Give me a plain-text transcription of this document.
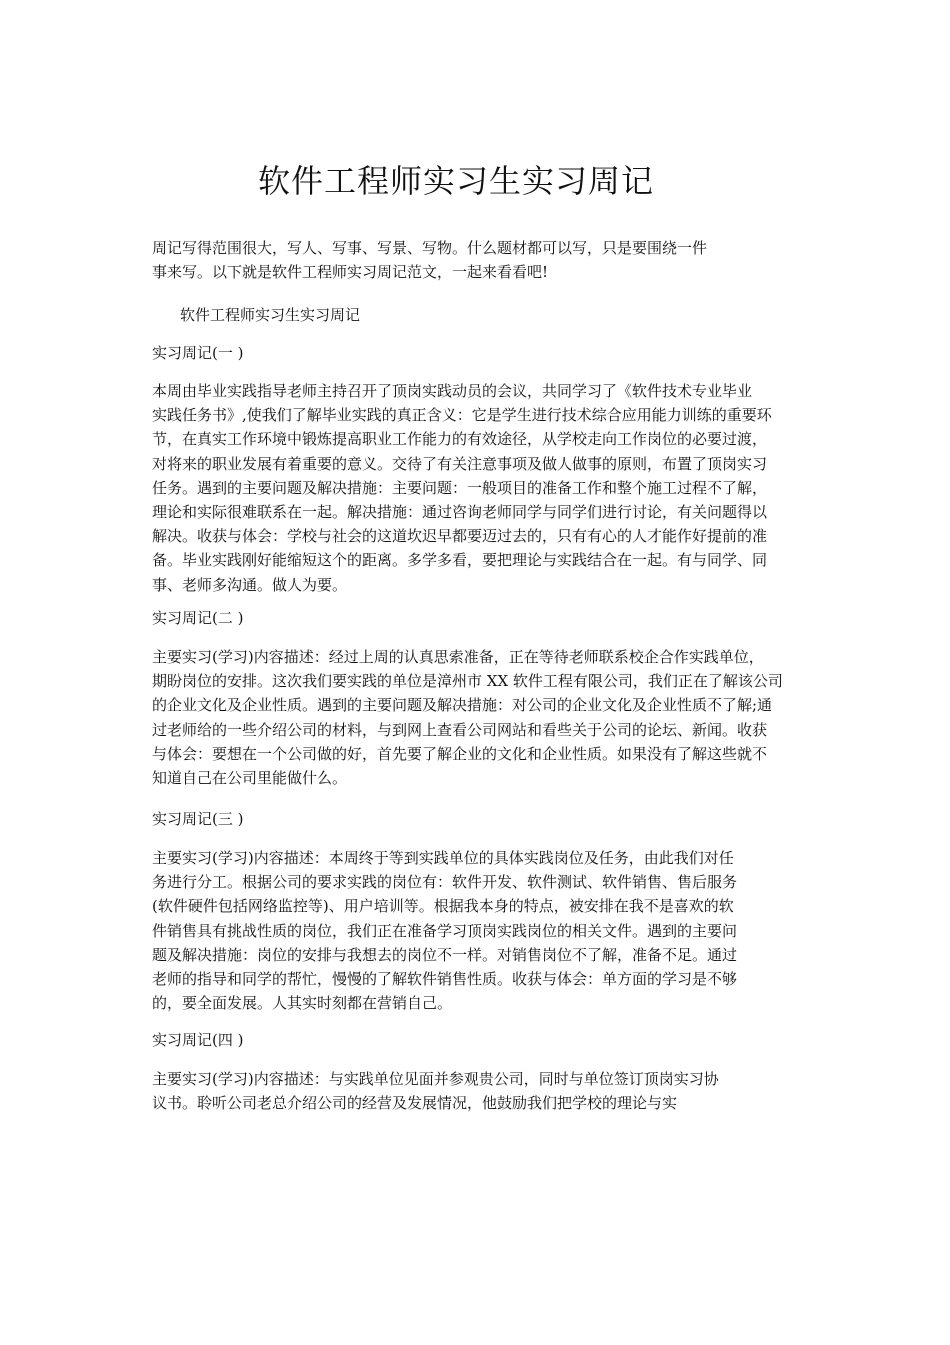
软件工程师实习生实习周记

周记写得范围很大，写人、写事、写景、写物。什么题材都可以写，只是要围绕一件
事来写。以下就是软件工程师实习周记范文，一起来看看吧!

软件工程师实习生实习周记

实习周记(一 )

本周由毕业实践指导老师主持召开了顶岗实践动员的会议，共同学习了《软件技术专业毕业
实践任务书》,使我们了解毕业实践的真正含义：它是学生进行技术综合应用能力训练的重要环
节，在真实工作环境中锻炼提高职业工作能力的有效途径，从学校走向工作岗位的必要过渡，
对将来的职业发展有着重要的意义。交待了有关注意事项及做人做事的原则，布置了顶岗实习
任务。遇到的主要问题及解决措施：主要问题：一般项目的准备工作和整个施工过程不了解，
理论和实际很难联系在一起。解决措施：通过咨询老师同学与同学们进行讨论，有关问题得以
解决。收获与体会：学校与社会的这道坎迟早都要迈过去的，只有有心的人才能作好提前的准
备。毕业实践刚好能缩短这个的距离。多学多看，要把理论与实践结合在一起。有与同学、同
事、老师多沟通。做人为要。

实习周记(二 )

主要实习(学习)内容描述：经过上周的认真思索准备，正在等待老师联系校企合作实践单位，
期盼岗位的安排。这次我们要实践的单位是漳州市 XX 软件工程有限公司，我们正在了解该公司
的企业文化及企业性质。遇到的主要问题及解决措施：对公司的企业文化及企业性质不了解;通
过老师给的一些介绍公司的材料，与到网上查看公司网站和看些关于公司的论坛、新闻。收获
与体会：要想在一个公司做的好，首先要了解企业的文化和企业性质。如果没有了解这些就不
知道自己在公司里能做什么。

实习周记(三 )

主要实习(学习)内容描述：本周终于等到实践单位的具体实践岗位及任务，由此我们对任
务进行分工。根据公司的要求实践的岗位有：软件开发、软件测试、软件销售、售后服务
(软件硬件包括网络监控等)、用户培训等。根据我本身的特点，被安排在我不是喜欢的软
件销售具有挑战性质的岗位，我们正在准备学习顶岗实践岗位的相关文件。遇到的主要问
题及解决措施：岗位的安排与我想去的岗位不一样。对销售岗位不了解，准备不足。通过
老师的指导和同学的帮忙，慢慢的了解软件销售性质。收获与体会：单方面的学习是不够
的，要全面发展。人其实时刻都在营销自己。

实习周记(四 )

主要实习(学习)内容描述：与实践单位见面并参观贵公司，同时与单位签订顶岗实习协
议书。聆听公司老总介绍公司的经营及发展情况，他鼓励我们把学校的理论与实
